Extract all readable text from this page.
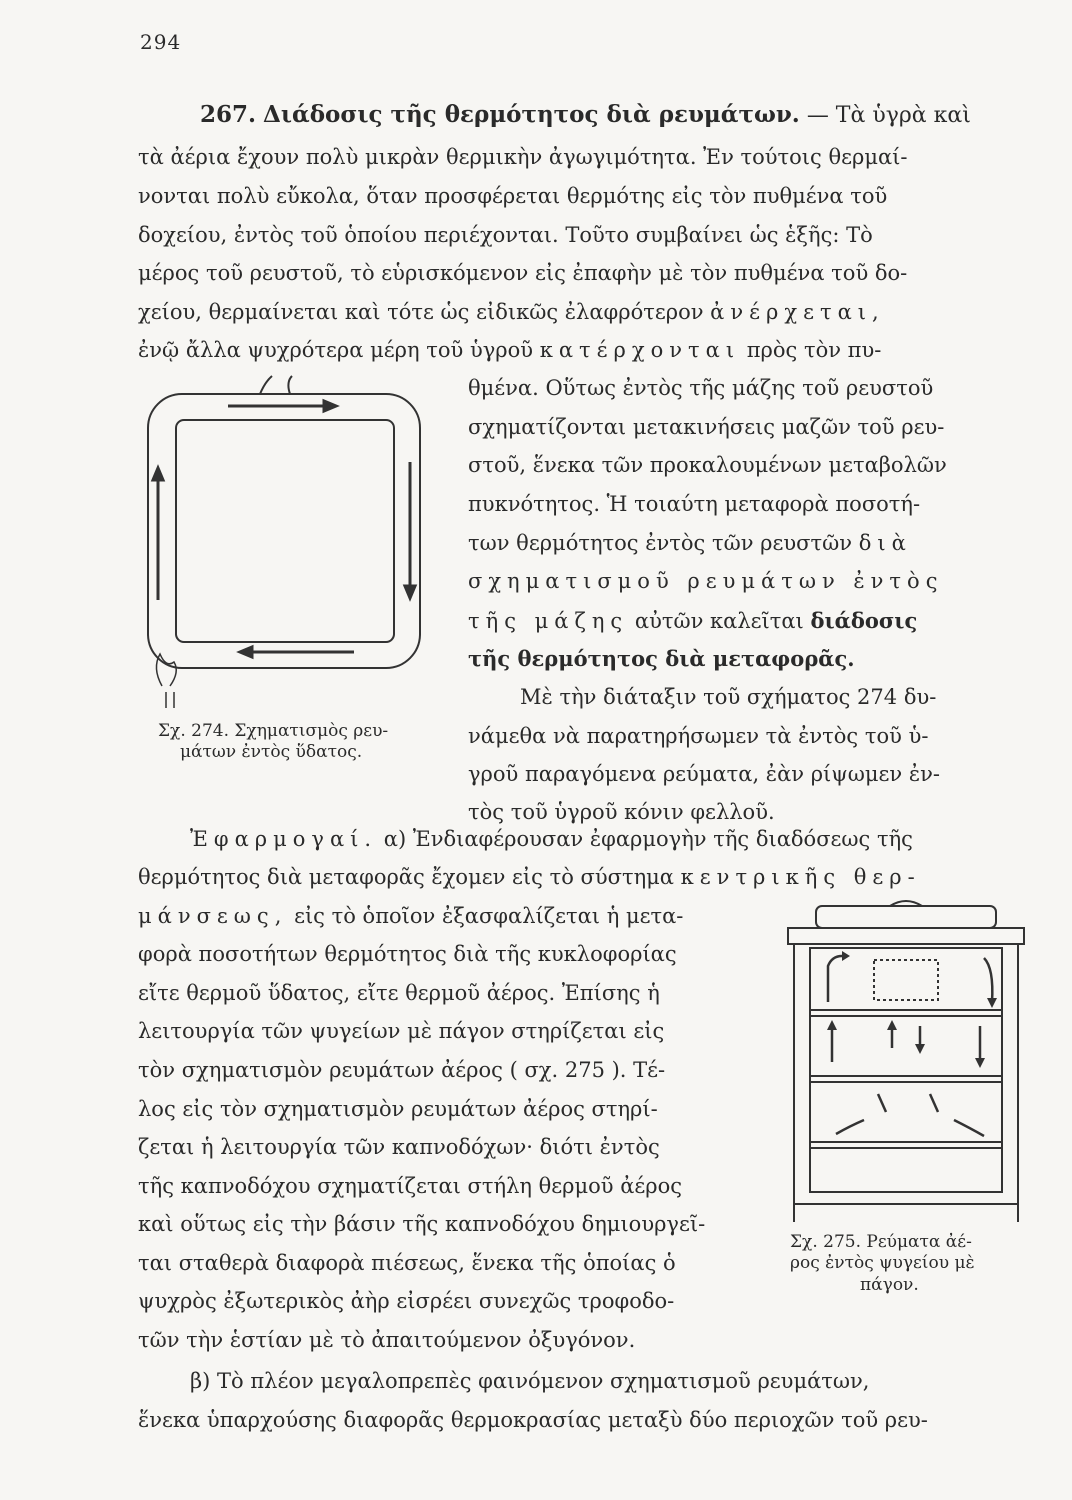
294
267. Διάδοσις τῆς θερμότητος διὰ ρευμάτων. — Τὰ ὑγρὰ καὶ
τὰ ἀέρια ἔχουν πολὺ μικρὰν θερμικὴν ἀγωγιμότητα. Ἐν τούτοις θερμαί-
νονται πολὺ εὔκολα, ὅταν προσφέρεται θερμότης εἰς τὸν πυθμένα τοῦ
δοχείου, ἐντὸς τοῦ ὁποίου περιέχονται. Τοῦτο συμβαίνει ὡς ἑξῆς: Τὸ
μέρος τοῦ ρευστοῦ, τὸ εὑρισκόμενον εἰς ἐπαφὴν μὲ τὸν πυθμένα τοῦ δο-
χείου, θερμαίνεται καὶ τότε ὡς εἰδικῶς ἐλαφρότερον ἀνέρχεται,
ἐνῷ ἄλλα ψυχρότερα μέρη τοῦ ὑγροῦ κατέρχονται πρὸς τὸν πυ-
θμένα. Οὕτως ἐντὸς τῆς μάζης τοῦ ρευστοῦ
σχηματίζονται μετακινήσεις μαζῶν τοῦ ρευ-
στοῦ, ἕνεκα τῶν προκαλουμένων μεταβολῶν
πυκνότητος. Ἡ τοιαύτη μεταφορὰ ποσοτή-
των θερμότητος ἐντὸς τῶν ρευστῶν διὰ
σχηματισμοῦ ρευμάτων ἐντὸς
τῆς μάζης αὐτῶν καλεῖται διάδοσις
τῆς θερμότητος διὰ μεταφορᾶς.
Μὲ τὴν διάταξιν τοῦ σχήματος 274 δυ-
νάμεθα νὰ παρατηρήσωμεν τὰ ἐντὸς τοῦ ὑ-
γροῦ παραγόμενα ρεύματα, ἐὰν ρίψωμεν ἐν-
τὸς τοῦ ὑγροῦ κόνιν φελλοῦ.
Σχ. 274. Σχηματισμὸς ρευ-
μάτων ἐντὸς ὕδατος.
Ἐφαρμογαί. α) Ἐνδιαφέρουσαν ἐφαρμογὴν τῆς διαδόσεως τῆς
θερμότητος διὰ μεταφορᾶς ἔχομεν εἰς τὸ σύστημα κεντρικῆς θερ-
μάνσεως, εἰς τὸ ὁποῖον ἐξασφαλίζεται ἡ μετα-
φορὰ ποσοτήτων θερμότητος διὰ τῆς κυκλοφορίας
εἴτε θερμοῦ ὕδατος, εἴτε θερμοῦ ἀέρος. Ἐπίσης ἡ
λειτουργία τῶν ψυγείων μὲ πάγον στηρίζεται εἰς
τὸν σχηματισμὸν ρευμάτων ἀέρος ( σχ. 275 ). Τέ-
λος εἰς τὸν σχηματισμὸν ρευμάτων ἀέρος στηρί-
ζεται ἡ λειτουργία τῶν καπνοδόχων· διότι ἐντὸς
τῆς καπνοδόχου σχηματίζεται στήλη θερμοῦ ἀέρος
καὶ οὕτως εἰς τὴν βάσιν τῆς καπνοδόχου δημιουργεῖ-
ται σταθερὰ διαφορὰ πιέσεως, ἕνεκα τῆς ὁποίας ὁ
ψυχρὸς ἐξωτερικὸς ἀὴρ εἰσρέει συνεχῶς τροφοδο-
τῶν τὴν ἑστίαν μὲ τὸ ἀπαιτούμενον ὀξυγόνον.
Σχ. 275. Ρεύματα ἀέ-
ρος ἐντὸς ψυγείου μὲ
πάγον.
β) Τὸ πλέον μεγαλοπρεπὲς φαινόμενον σχηματισμοῦ ρευμάτων,
ἕνεκα ὑπαρχούσης διαφορᾶς θερμοκρασίας μεταξὺ δύο περιοχῶν τοῦ ρευ-
